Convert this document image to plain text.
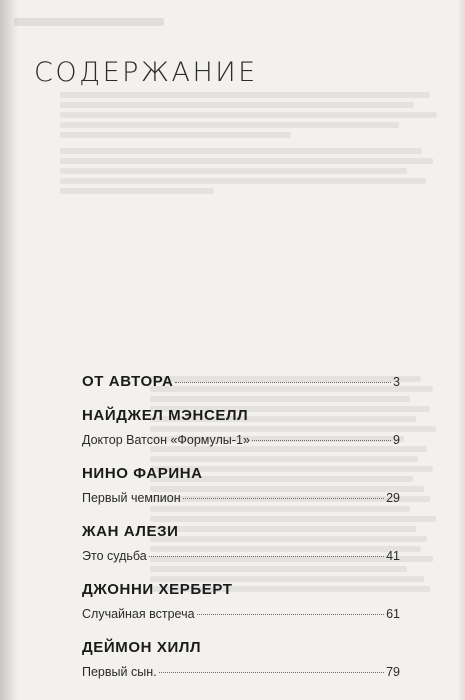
СОДЕРЖАНИЕ
ОТ АВТОРА	3
НАЙДЖЕЛ МЭНСЕЛЛ
Доктор Ватсон «Формулы-1»	9
НИНО ФАРИНА
Первый чемпион	29
ЖАН АЛЕЗИ
Это судьба	41
ДЖОННИ ХЕРБЕРТ
Случайная встреча	61
ДЕЙМОН ХИЛЛ
Первый сын.	79
